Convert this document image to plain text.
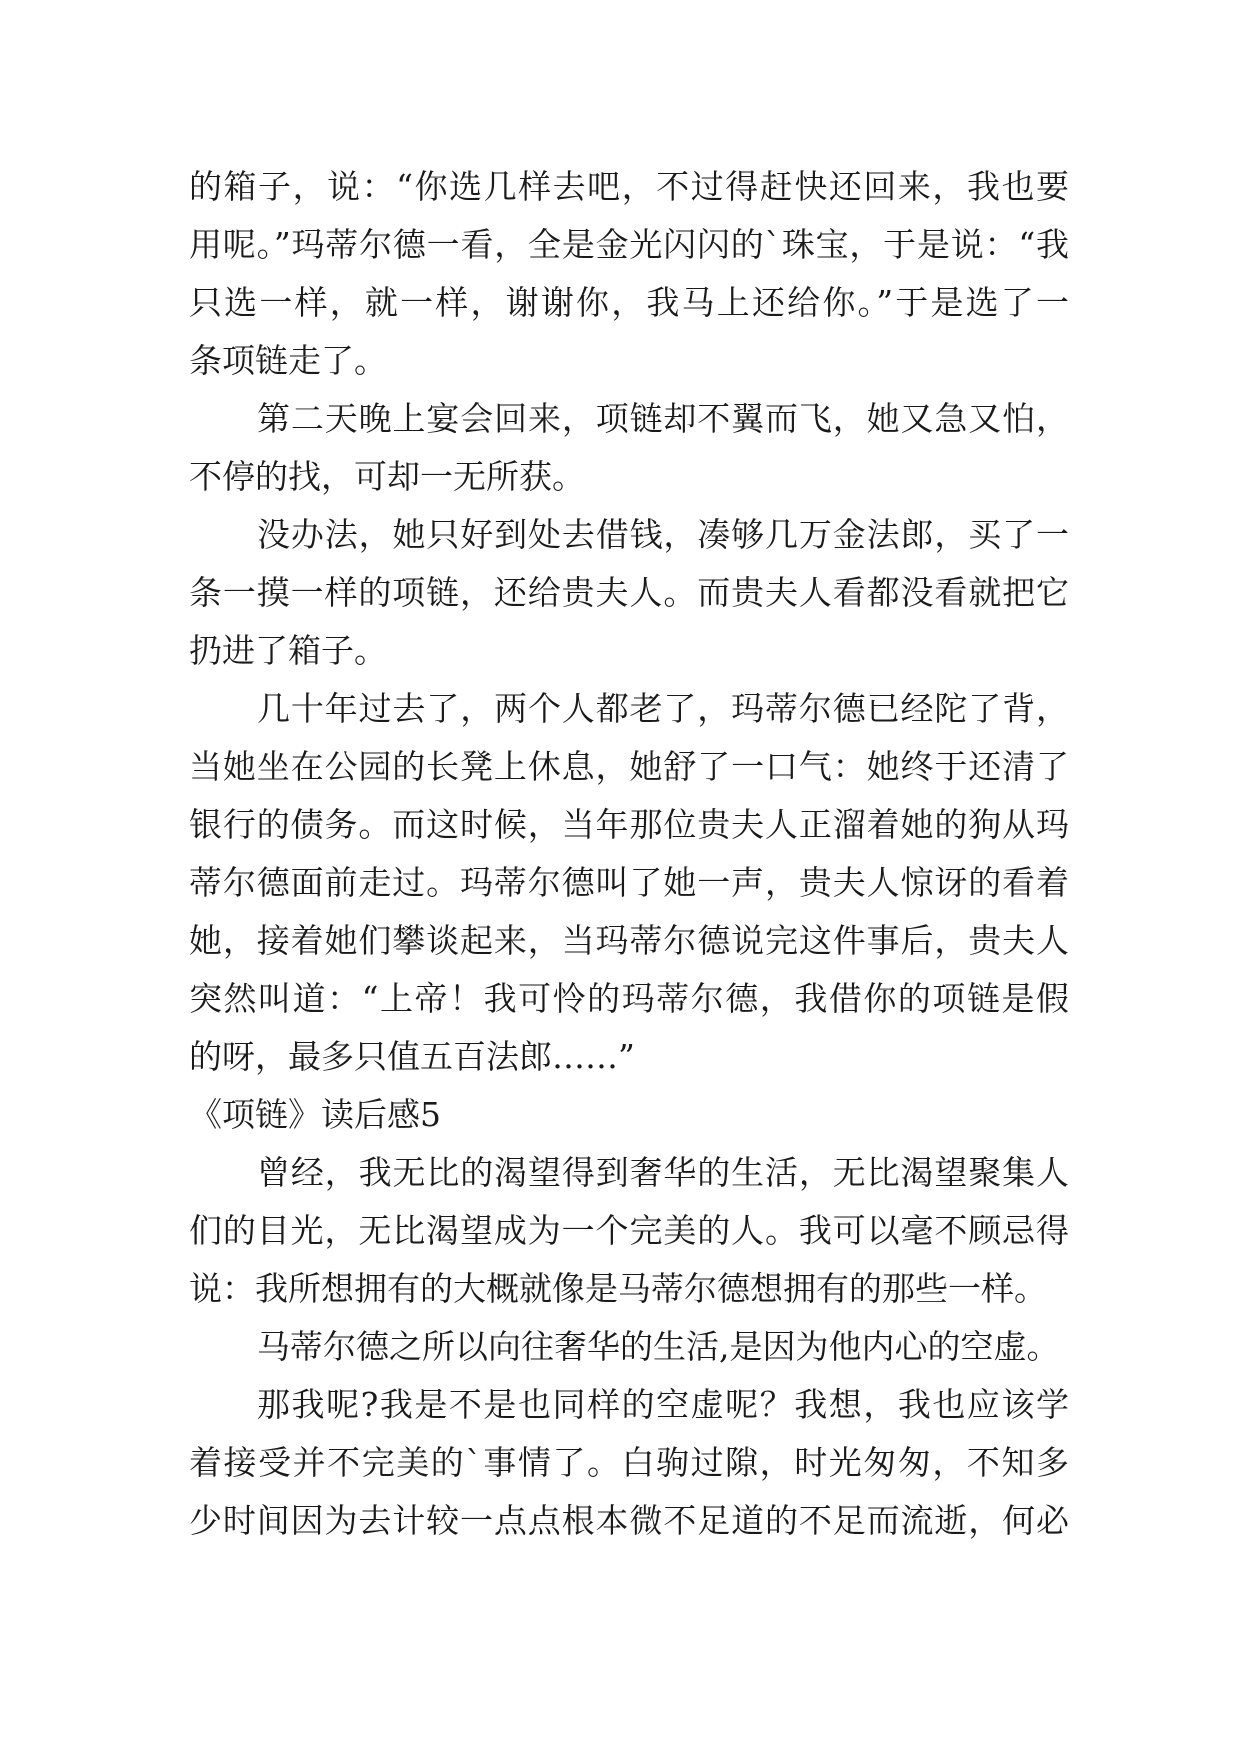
的箱子，说：“你选几样去吧，不过得赶快还回来，我也要
用呢。”玛蒂尔德一看，全是金光闪闪的`珠宝，于是说：“我
只选一样，就一样，谢谢你，我马上还给你。”于是选了一
条项链走了。
第二天晚上宴会回来，项链却不翼而飞，她又急又怕，
不停的找，可却一无所获。
没办法，她只好到处去借钱，凑够几万金法郎，买了一
条一摸一样的项链，还给贵夫人。而贵夫人看都没看就把它
扔进了箱子。
几十年过去了，两个人都老了，玛蒂尔德已经陀了背，
当她坐在公园的长凳上休息，她舒了一口气：她终于还清了
银行的债务。而这时候，当年那位贵夫人正溜着她的狗从玛
蒂尔德面前走过。玛蒂尔德叫了她一声，贵夫人惊讶的看着
她，接着她们攀谈起来，当玛蒂尔德说完这件事后，贵夫人
突然叫道：“上帝！我可怜的玛蒂尔德，我借你的项链是假
的呀，最多只值五百法郎……”
《项链》读后感5
曾经，我无比的渴望得到奢华的生活，无比渴望聚集人
们的目光，无比渴望成为一个完美的人。我可以毫不顾忌得
说：我所想拥有的大概就像是马蒂尔德想拥有的那些一样。
马蒂尔德之所以向往奢华的生活,是因为他内心的空虚。
那我呢?我是不是也同样的空虚呢？我想，我也应该学
着接受并不完美的`事情了。白驹过隙，时光匆匆，不知多
少时间因为去计较一点点根本微不足道的不足而流逝，何必
